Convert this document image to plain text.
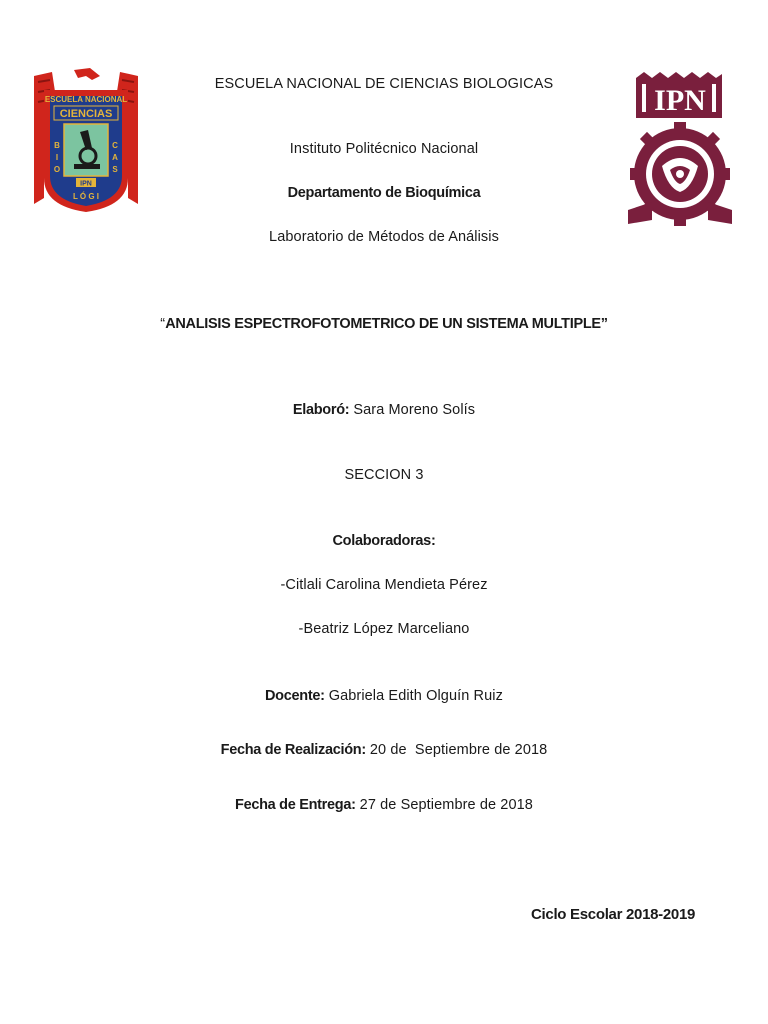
ESCUELA NACIONAL
CIENCIAS
B
I
O
C
A
S
IPN
L Ó G I
IPN
ESCUELA NACIONAL DE CIENCIAS BIOLOGICAS
Instituto Politécnico Nacional
Departamento de Bioquímica
Laboratorio de Métodos de Análisis
“ANALISIS ESPECTROFOTOMETRICO DE UN SISTEMA MULTIPLE”
Elaboró: Sara Moreno Solís
SECCION 3
Colaboradoras:
-Citlali Carolina Mendieta Pérez
-Beatriz López Marceliano
Docente: Gabriela Edith Olguín Ruiz
Fecha de Realización: 20 de  Septiembre de 2018
Fecha de Entrega: 27 de Septiembre de 2018
Ciclo Escolar 2018-2019
